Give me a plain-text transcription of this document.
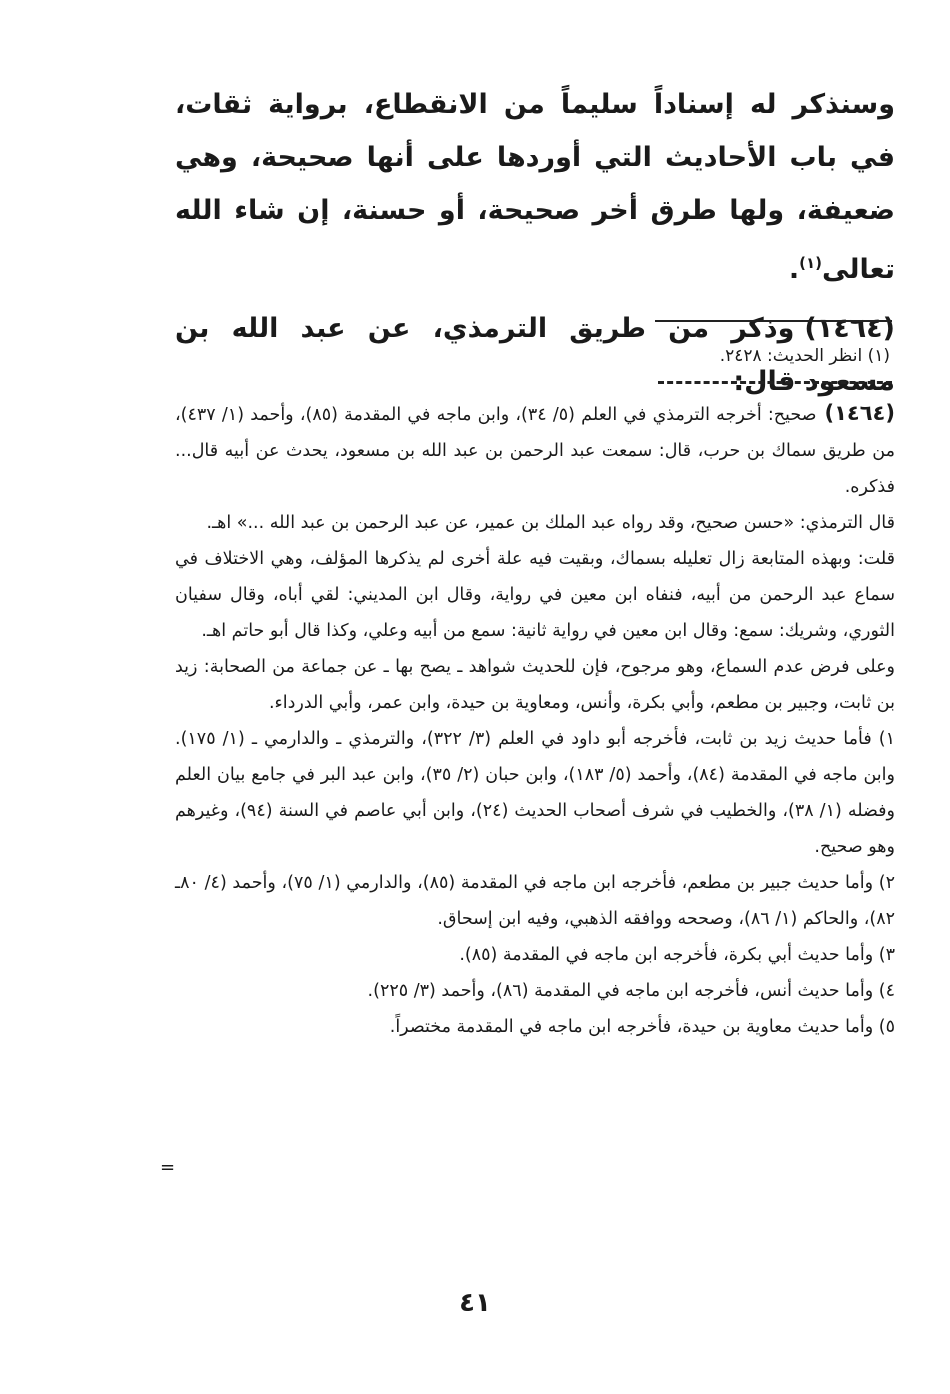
وسنذكر له إسناداً سليماً من الانقطاع، برواية ثقات، في باب الأحاديث التي أوردها على أنها صحيحة، وهي ضعيفة، ولها طرق أخر صحيحة، أو حسنة، إن شاء الله تعالى$^{(١)}$.

(١٤٦٤)وذكر من طريق الترمذي، عن عبد الله بن مسعود قال:

(١) انظر الحديث: ٢٤٢٨.

(١٤٦٤)صحيح: أخرجه الترمذي في العلم (٥/ ٣٤)، وابن ماجه في المقدمة (٨٥)، وأحمد (١/ ٤٣٧)، من طريق سماك بن حرب، قال: سمعت عبد الرحمن بن عبد الله بن مسعود، يحدث عن أبيه قال... فذكره.

قال الترمذي: «حسن صحيح، وقد رواه عبد الملك بن عمير، عن عبد الرحمن بن عبد الله ...» اهـ.

قلت: وبهذه المتابعة زال تعليله بسماك، وبقيت فيه علة أخرى لم يذكرها المؤلف، وهي الاختلاف في سماع عبد الرحمن من أبيه، فنفاه ابن معين في رواية، وقال ابن المديني: لقي أباه، وقال سفيان الثوري، وشريك: سمع: وقال ابن معين في رواية ثانية: سمع من أبيه وعلي، وكذا قال أبو حاتم اهـ.

وعلى فرض عدم السماع، وهو مرجوح، فإن للحديث شواهد ـ يصح بها ـ عن جماعة من الصحابة: زيد بن ثابت، وجبير بن مطعم، وأبي بكرة، وأنس، ومعاوية بن حيدة، وابن عمر، وأبي الدرداء.

١) فأما حديث زيد بن ثابت، فأخرجه أبو داود في العلم (٣/ ٣٢٢)، والترمذي ـ والدارمي ـ (١/ ١٧٥). وابن ماجه في المقدمة (٨٤)، وأحمد (٥/ ١٨٣)، وابن حبان (٢/ ٣٥)، وابن عبد البر في جامع بيان العلم وفضله (١/ ٣٨)، والخطيب في شرف أصحاب الحديث (٢٤)، وابن أبي عاصم في السنة (٩٤)، وغيرهم وهو صحيح.

٢) وأما حديث جبير بن مطعم، فأخرجه ابن ماجه في المقدمة (٨٥)، والدارمي (١/ ٧٥)، وأحمد (٤/ ٨٠ـ ٨٢)، والحاكم (١/ ٨٦)، وصححه ووافقه الذهبي، وفيه ابن إسحاق.

٣) وأما حديث أبي بكرة، فأخرجه ابن ماجه في المقدمة (٨٥).

٤) وأما حديث أنس، فأخرجه ابن ماجه في المقدمة (٨٦)، وأحمد (٣/ ٢٢٥).

٥) وأما حديث معاوية بن حيدة، فأخرجه ابن ماجه في المقدمة مختصراً.

=
٤١
